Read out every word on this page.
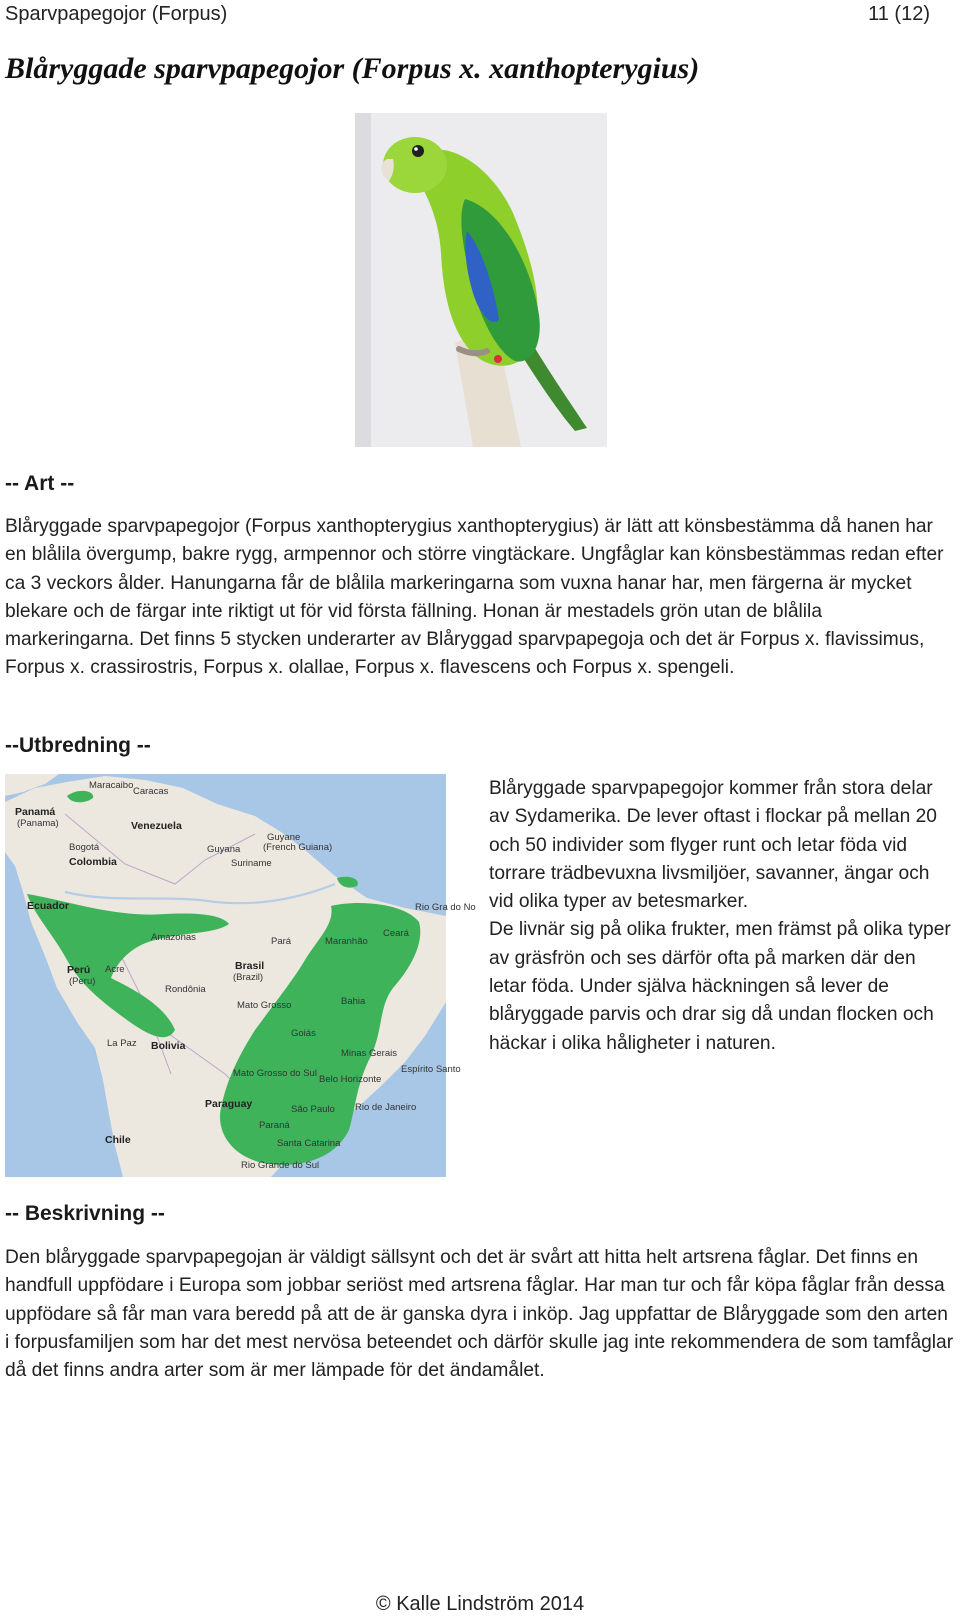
Sparvpapegojor (Forpus)	11 (12)
Blåryggade sparvpapegojor (Forpus x. xanthopterygius)
-- Art --

Blåryggade sparvpapegojor (Forpus xanthopterygius xanthopterygius) är lätt att könsbestämma då hanen har en blålila övergump, bakre rygg, armpennor och större vingtäckare. Ungfåglar kan könsbestämmas redan efter ca 3 veckors ålder. Hanungarna får de blålila markeringarna som vuxna hanar har, men färgerna är mycket blekare och de färgar inte riktigt ut för vid första fällning. Honan är mestadels grön utan de blålila markeringarna. Det finns 5 stycken underarter av Blåryggad sparvpapegoja och det är Forpus x. flavissimus, Forpus x. crassirostris, Forpus x. olallae, Forpus x. flavescens och Forpus x. spengeli.

--Utbredning --
Maracaibo
Caracas
Panamá
(Panama)	Venezuela
Guyane
(French Guiana)
Guyana
Suriname
Bogotá
Colombia
Ecuador
Amazonas	Pará	Maranhão
Ceará
Rio Gra do No
Perú
(Peru)
Acre	Brasil
(Brazil)
Rondônia
Bahia
Mato Grosso
Goiás
La Paz Bolivia
Minas Gerais
Belo Horizonte
Espírito Santo
Mato Grosso do Sul
São Paulo Rio de Janeiro
Paraguay
Paraná
Chile	Santa Catarina
Rio Grande do Sul

Blåryggade sparvpapegojor kommer från stora delar av Sydamerika. De lever oftast i flockar på mellan 20 och 50 individer som flyger runt och letar föda vid torrare trädbevuxna livsmiljöer, savanner, ängar och vid olika typer av betesmarker.
De livnär sig på olika frukter, men främst på olika typer av gräsfrön och ses därför ofta på marken där den letar föda. Under själva häckningen så lever de blåryggade parvis och drar sig då undan flocken och häckar i olika håligheter i naturen.

-- Beskrivning --

Den blåryggade sparvpapegojan är väldigt sällsynt och det är svårt att hitta helt artsrena fåglar. Det finns en handfull uppfödare i Europa som jobbar seriöst med artsrena fåglar. Har man tur och får köpa fåglar från dessa uppfödare så får man vara beredd på att de är ganska dyra i inköp. Jag uppfattar de Blåryggade som den arten i forpusfamiljen som har det mest nervösa beteendet och därför skulle jag inte rekommendera de som tamfåglar då det finns andra arter som är mer lämpade för det ändamålet.

© Kalle Lindström 2014
